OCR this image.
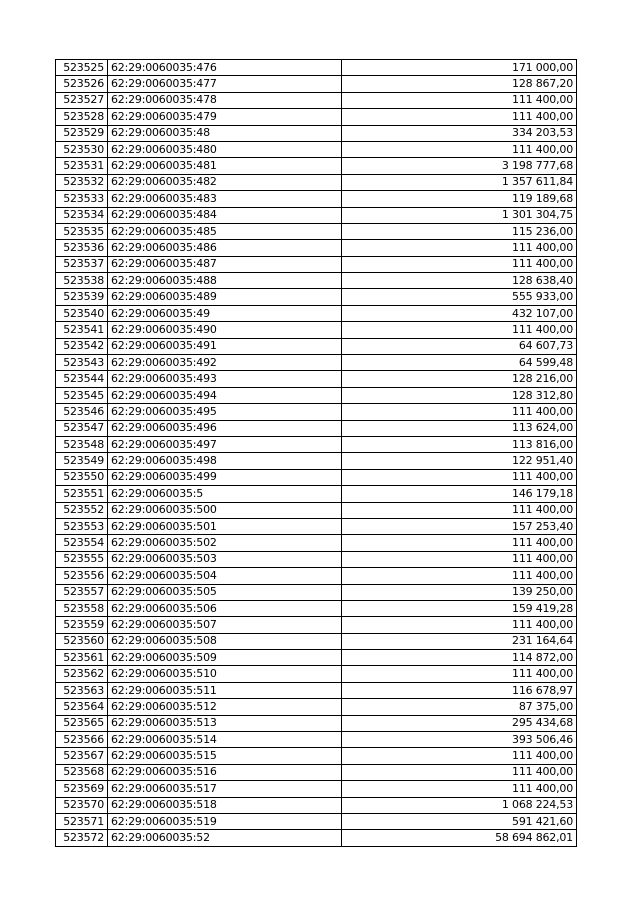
523525	62:29:0060035:476	171 000,00
523526	62:29:0060035:477	128 867,20
523527	62:29:0060035:478	111 400,00
523528	62:29:0060035:479	111 400,00
523529	62:29:0060035:48	334 203,53
523530	62:29:0060035:480	111 400,00
523531	62:29:0060035:481	3 198 777,68
523532	62:29:0060035:482	1 357 611,84
523533	62:29:0060035:483	119 189,68
523534	62:29:0060035:484	1 301 304,75
523535	62:29:0060035:485	115 236,00
523536	62:29:0060035:486	111 400,00
523537	62:29:0060035:487	111 400,00
523538	62:29:0060035:488	128 638,40
523539	62:29:0060035:489	555 933,00
523540	62:29:0060035:49	432 107,00
523541	62:29:0060035:490	111 400,00
523542	62:29:0060035:491	64 607,73
523543	62:29:0060035:492	64 599,48
523544	62:29:0060035:493	128 216,00
523545	62:29:0060035:494	128 312,80
523546	62:29:0060035:495	111 400,00
523547	62:29:0060035:496	113 624,00
523548	62:29:0060035:497	113 816,00
523549	62:29:0060035:498	122 951,40
523550	62:29:0060035:499	111 400,00
523551	62:29:0060035:5	146 179,18
523552	62:29:0060035:500	111 400,00
523553	62:29:0060035:501	157 253,40
523554	62:29:0060035:502	111 400,00
523555	62:29:0060035:503	111 400,00
523556	62:29:0060035:504	111 400,00
523557	62:29:0060035:505	139 250,00
523558	62:29:0060035:506	159 419,28
523559	62:29:0060035:507	111 400,00
523560	62:29:0060035:508	231 164,64
523561	62:29:0060035:509	114 872,00
523562	62:29:0060035:510	111 400,00
523563	62:29:0060035:511	116 678,97
523564	62:29:0060035:512	87 375,00
523565	62:29:0060035:513	295 434,68
523566	62:29:0060035:514	393 506,46
523567	62:29:0060035:515	111 400,00
523568	62:29:0060035:516	111 400,00
523569	62:29:0060035:517	111 400,00
523570	62:29:0060035:518	1 068 224,53
523571	62:29:0060035:519	591 421,60
523572	62:29:0060035:52	58 694 862,01
